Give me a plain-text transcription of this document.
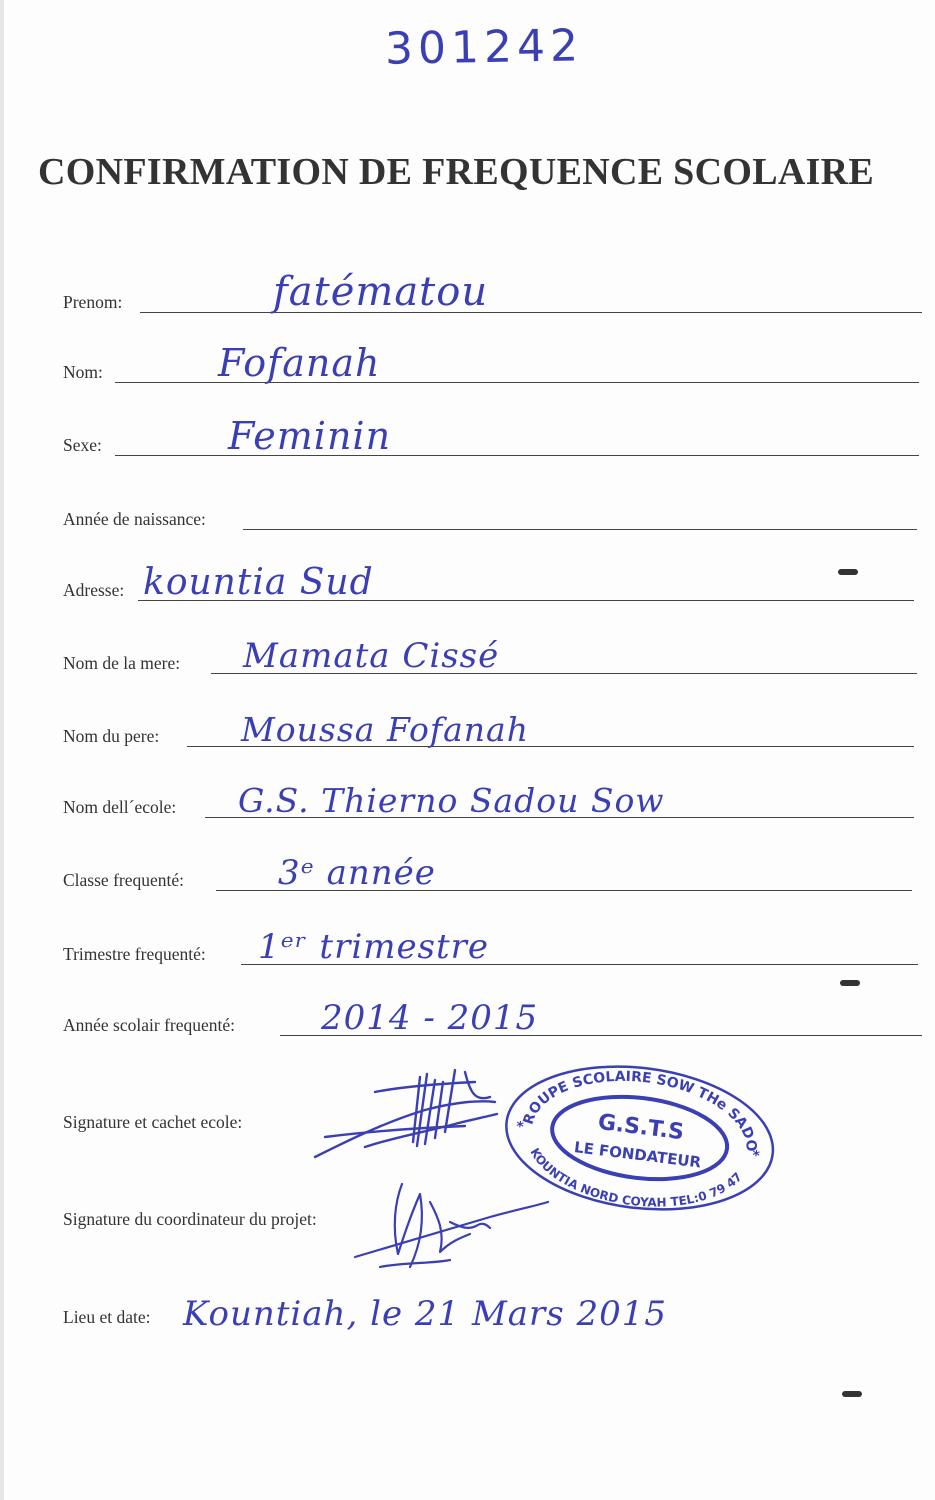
301242
CONFIRMATION DE FREQUENCE SCOLAIRE
Prenom:	fatématou
Nom:	Fofanah
Sexe:	Feminin
Année de naissance:
Adresse: kountia Sud
Nom de la mere: Mamata Cissé
Nom du pere: Moussa Fofanah
Nom dell´ecole: G.S. Thierno Sadou Sow
Classe frequenté:	3ᵉ année
Trimestre frequenté: 1ᵉʳ trimestre
Année scolair frequenté:	2014 - 2015
Signature et cachet ecole:
Signature du coordinateur du projet:
Lieu et date: Kountiah, le 21 Mars 2015
GROUPE SCOLAIRE SOW THe SADOU
KOUNTIA NORD COYAH TEL:0 79 47
G.S.T.S
LE FONDATEUR
*
*
